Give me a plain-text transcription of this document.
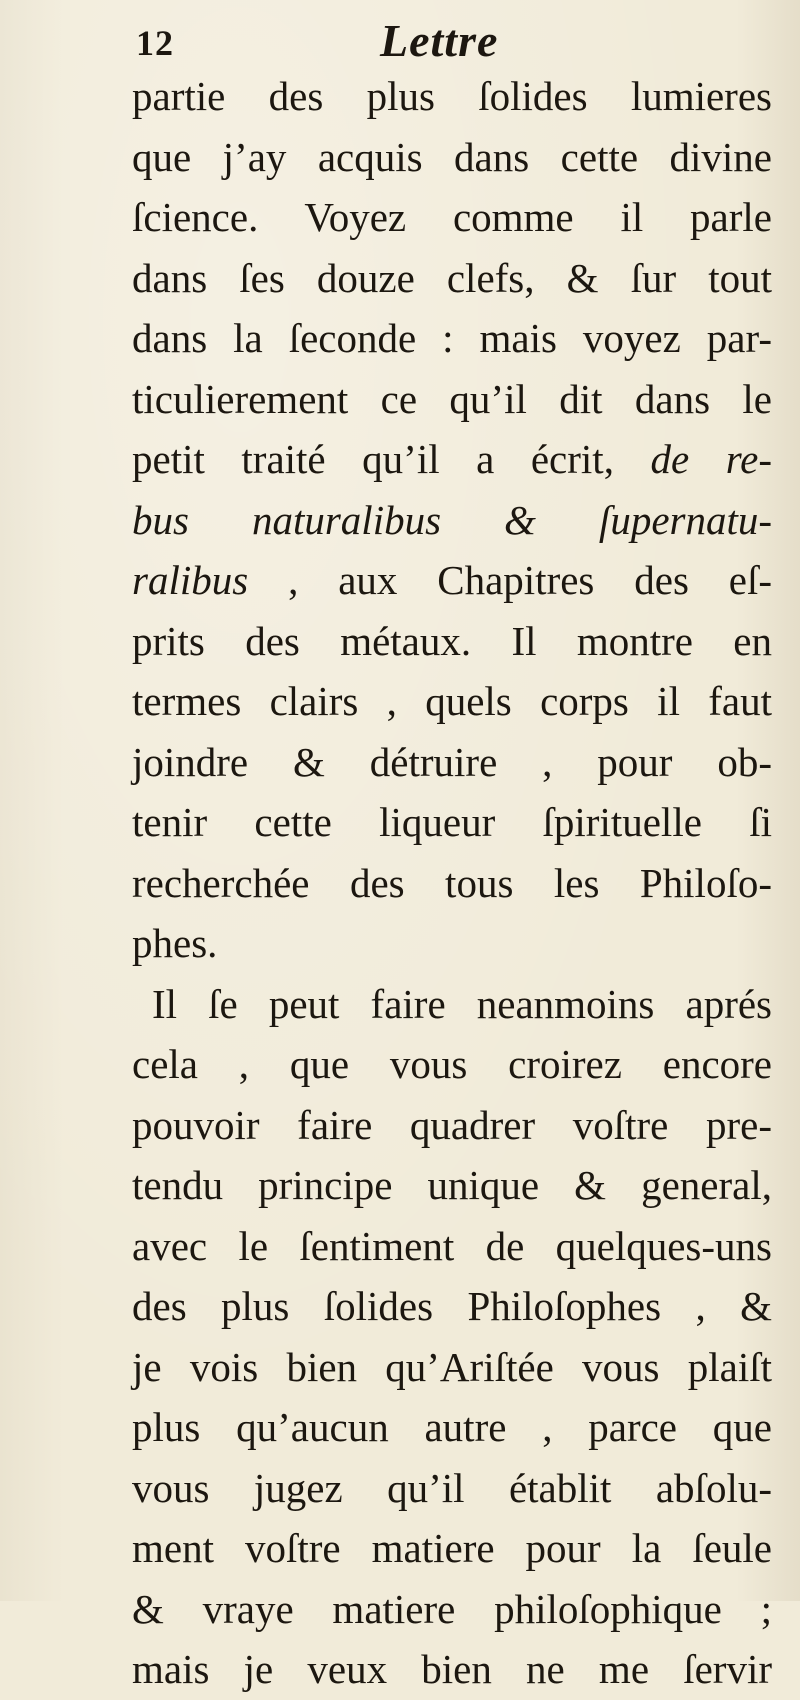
12	Lettre
partie des plus ſolides lumieres
que j’ay acquis dans cette divine
ſcience. Voyez comme il parle
dans ſes douze clefs, & ſur tout
dans la ſeconde : mais voyez par-
ticulierement ce qu’il dit dans le
petit traité qu’il a écrit, de re-
bus naturalibus & ſupernatu-
ralibus , aux Chapitres des eſ-
prits des métaux. Il montre en
termes clairs , quels corps il faut
joindre & détruire , pour ob-
tenir cette liqueur ſpirituelle ſi
recherchée des tous les Philoſo-
phes.
Il ſe peut faire neanmoins aprés
cela , que vous croirez encore
pouvoir faire quadrer voſtre pre-
tendu principe unique & general,
avec le ſentiment de quelques-uns
des plus ſolides Philoſophes , &
je vois bien qu’Ariſtée vous plaiſt
plus qu’aucun autre , parce que
vous jugez qu’il établit abſolu-
ment voſtre matiere pour la ſeule
& vraye matiere philoſophique ;
mais je veux bien ne me ſervir
